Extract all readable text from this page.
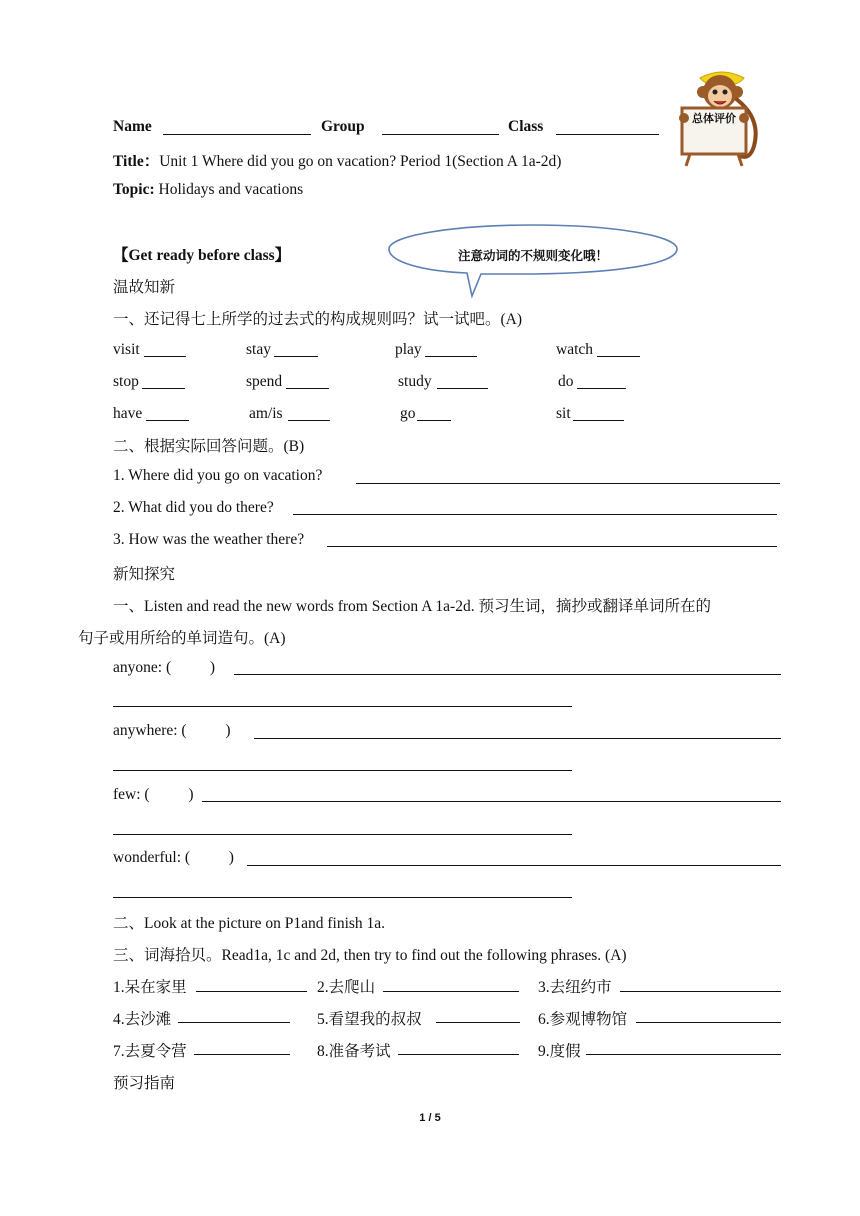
总体评价
Name	Group	Class
Title：Unit 1 Where did you go on vacation? Period 1(Section A 1a-2d)
Topic: Holidays and vacations
【Get ready before class】	注意动词的不规则变化哦！
温故知新
一、还记得七上所学的过去式的构成规则吗？试一试吧。(A)
visit	stay	play	watch
stop	spend	study	do
have	am/is	go	sit
二、根据实际回答问题。(B)
1. Where did you go on vacation?
2. What did you do there?
3. How was the weather there?
新知探究
一、Listen and read the new words from Section A 1a-2d. 预习生词，摘抄或翻译单词所在的
句子或用所给的单词造句。(A)
anyone: (          )
anywhere: (          )
few: (          )
wonderful: (          )
二、Look at the picture on P1and finish 1a.
三、词海拾贝。Read1a, 1c and 2d, then try to find out the following phrases. (A)
1.呆在家里	2.去爬山	3.去纽约市
4.去沙滩	5.看望我的叔叔	6.参观博物馆
7.去夏令营	8.准备考试	9.度假
预习指南
1 / 5
